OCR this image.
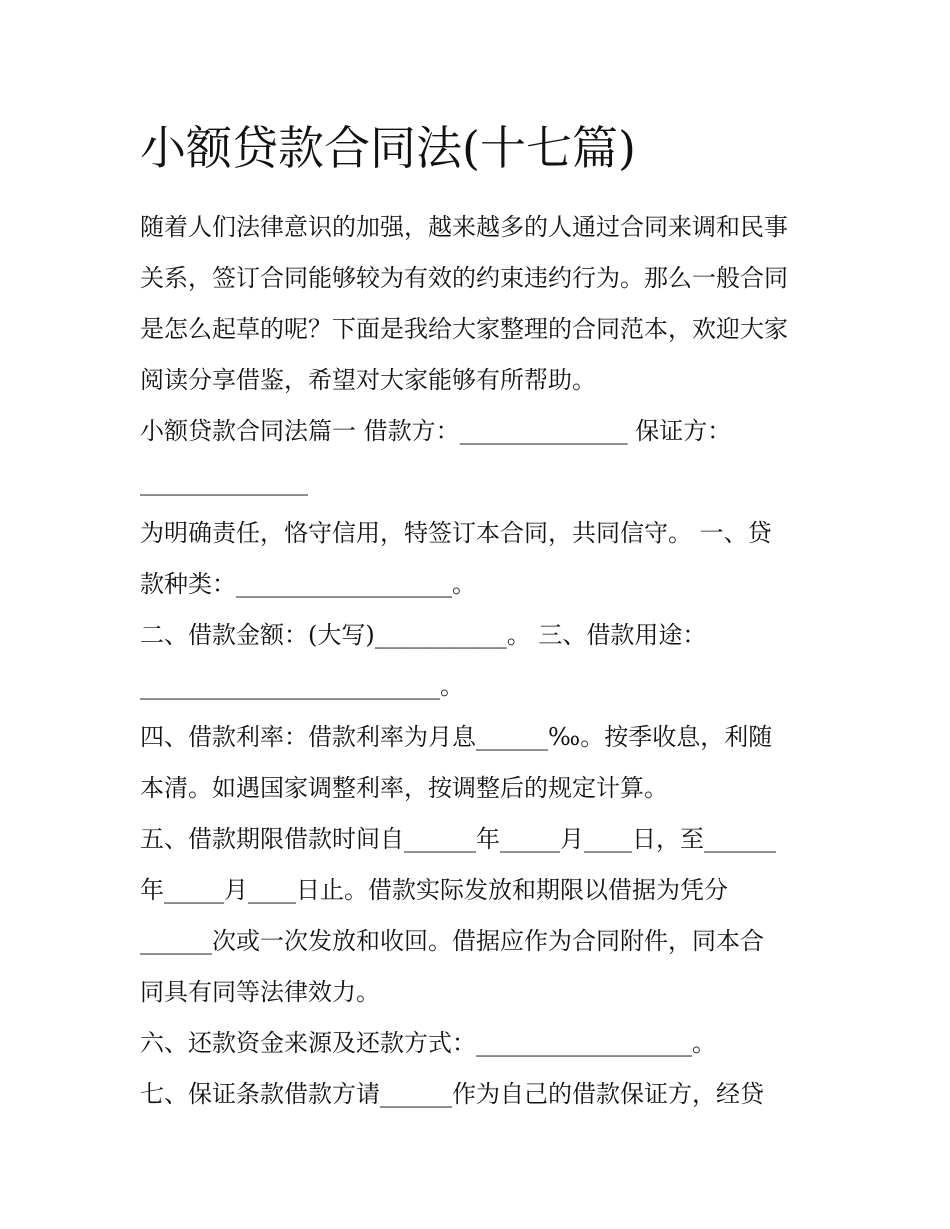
小额贷款合同法(十七篇)
随着人们法律意识的加强，越来越多的人通过合同来调和民事
关系，签订合同能够较为有效的约束违约行为。那么一般合同
是怎么起草的呢？下面是我给大家整理的合同范本，欢迎大家
阅读分享借鉴，希望对大家能够有所帮助。
小额贷款合同法篇一 借款方：______________ 保证方：
______________
为明确责任，恪守信用，特签订本合同，共同信守。 一、贷
款种类：__________________。
二、借款金额：(大写)___________。 三、借款用途：
_________________________。
四、借款利率：借款利率为月息______‰。按季收息，利随
本清。如遇国家调整利率，按调整后的规定计算。
五、借款期限借款时间自______年_____月____日，至______
年_____月____日止。借款实际发放和期限以借据为凭分
______次或一次发放和收回。借据应作为合同附件，同本合
同具有同等法律效力。
六、还款资金来源及还款方式：__________________。
七、保证条款借款方请______作为自己的借款保证方，经贷
